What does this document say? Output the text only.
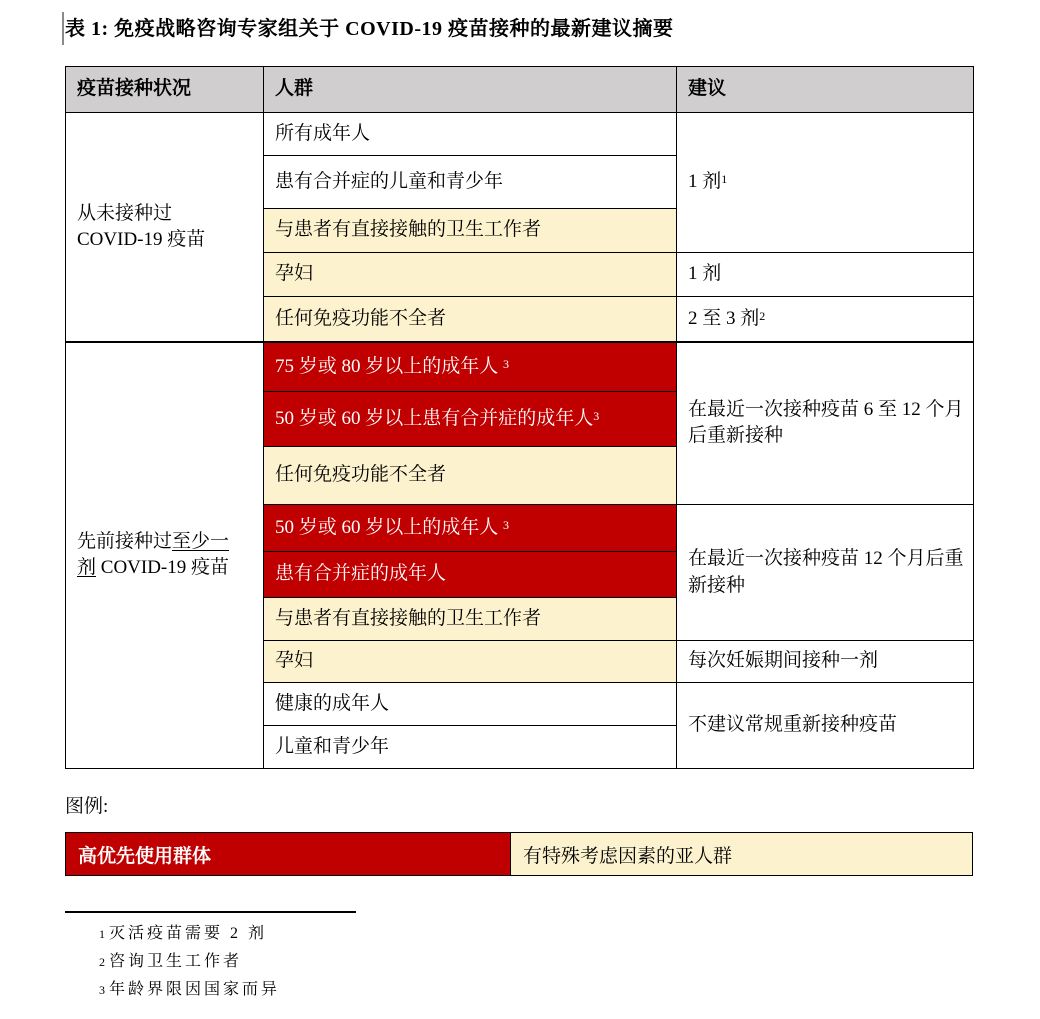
表 1: 免疫战略咨询专家组关于 COVID-19 疫苗接种的最新建议摘要
疫苗接种状况	人群	建议
从未接种过
COVID-19 疫苗	所有成年人	1 剂$^1$
	患有合并症的儿童和青少年	
	与患者有直接接触的卫生工作者	
	孕妇	1 剂
	任何免疫功能不全者	2 至 3 剂$^2$
先前接种过至少一
剂 COVID-19 疫苗	75 岁或 80 岁以上的成年人 $^3$	在最近一次接种疫苗 6 至 12 个月后重新接种
	50 岁或 60 岁以上患有合并症的成年人$^3$
	任何免疫功能不全者	
	50 岁或 60 岁以上的成年人 $^3$	在最近一次接种疫苗 12 个月后重新接种
	患有合并症的成年人	
	与患者有直接接触的卫生工作者	
	孕妇	每次妊娠期间接种一剂
	健康的成年人	不建议常规重新接种疫苗
	儿童和青少年	
图例:
高优先使用群体	有特殊考虑因素的亚人群
1 灭活疫苗需要 2 剂
2 咨询卫生工作者
3 年龄界限因国家而异
